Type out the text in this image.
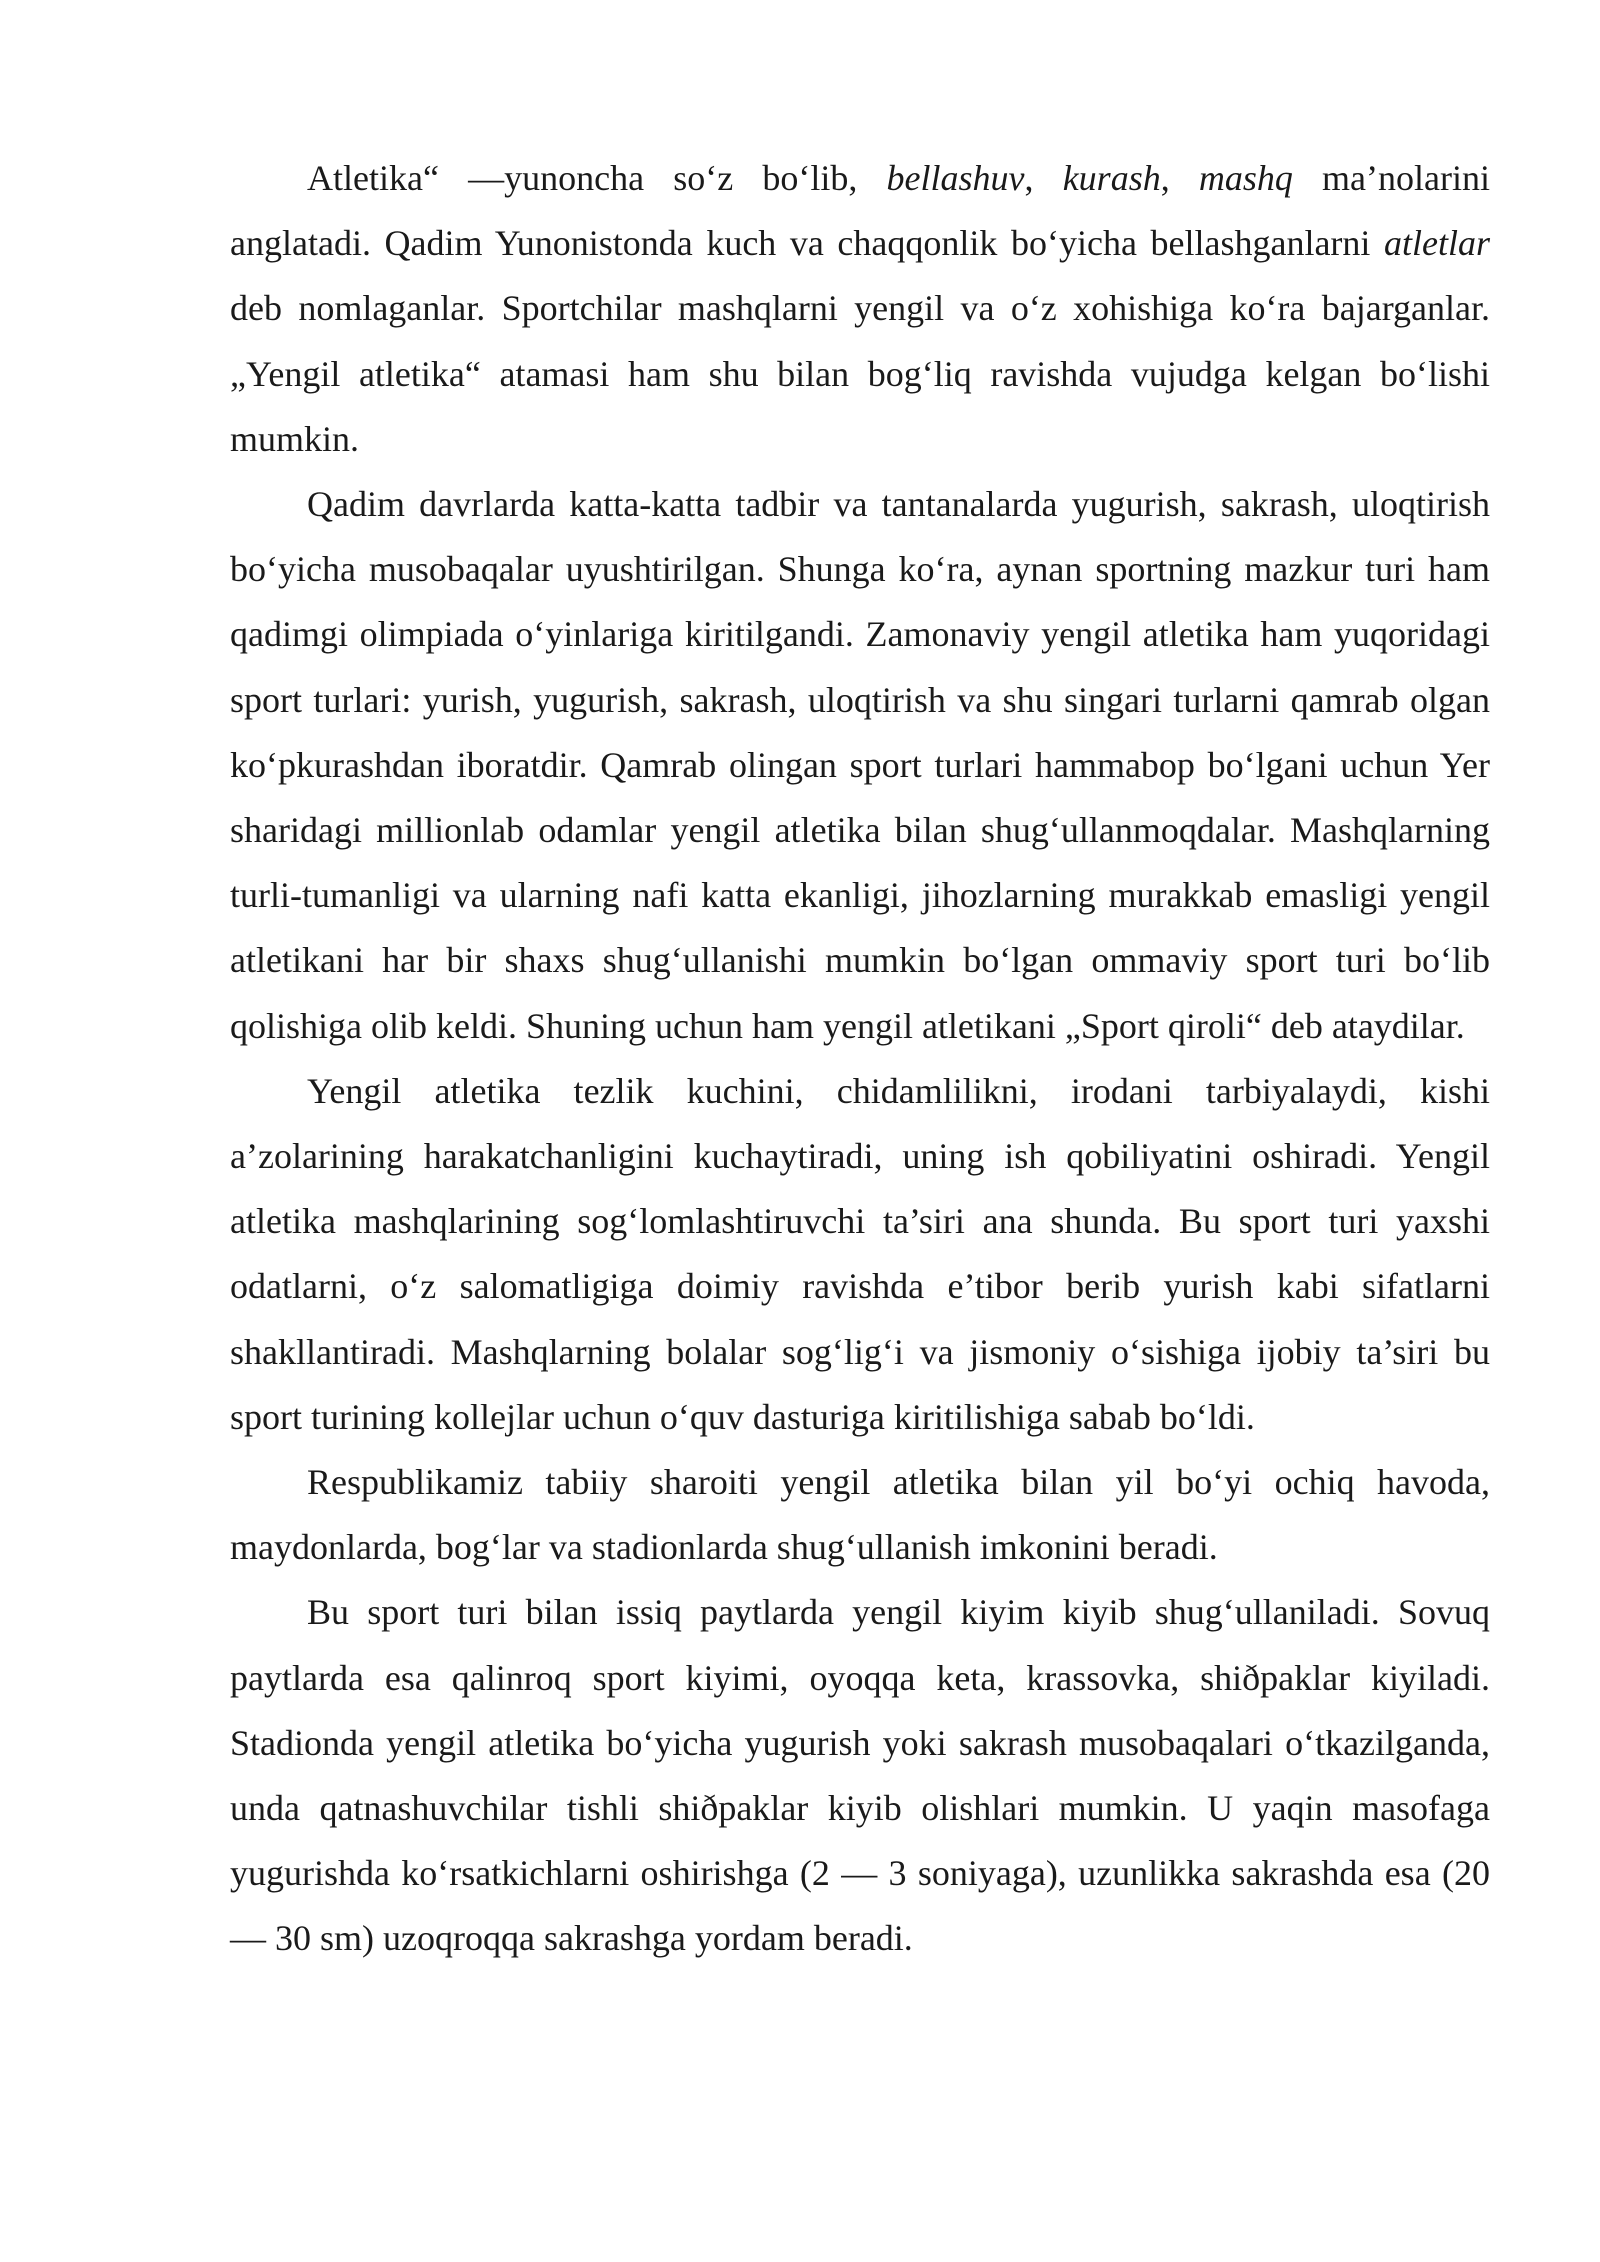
Atletika“ —yunoncha so‘z bo‘lib, bellashuv, kurash, mashq ma’nolarini anglatadi. Qadim Yunonistonda kuch va chaqqonlik bo‘yicha bellashganlarni atletlar deb nomlaganlar. Sportchilar mashqlarni yengil va o‘z xohishiga ko‘ra bajarganlar. „Yengil atletika“ atamasi ham shu bilan bog‘liq ravishda vujudga kelgan bo‘lishi mumkin.

Qadim davrlarda katta-katta tadbir va tantanalarda yugurish, sakrash, uloqtirish bo‘yicha musobaqalar uyushtirilgan. Shunga ko‘ra, aynan sportning mazkur turi ham qadimgi olimpiada o‘yinlariga kiritilgandi. Zamonaviy yengil atletika ham yuqoridagi sport turlari: yurish, yugurish, sakrash, uloqtirish va shu singari turlarni qamrab olgan ko‘pkurashdan iboratdir. Qamrab olingan sport turlari hammabop bo‘lgani uchun Yer sharidagi millionlab odamlar yengil atletika bilan shug‘ullanmoqdalar. Mashqlarning turli-tumanligi va ularning nafi katta ekanligi, jihozlarning murakkab emasligi yengil atletikani har bir shaxs shug‘ullanishi mumkin bo‘lgan ommaviy sport turi bo‘lib qolishiga olib keldi. Shuning uchun ham yengil atletikani „Sport qiroli“ deb ataydilar.

Yengil atletika tezlik kuchini, chidamlilikni, irodani tarbiyalaydi, kishi a’zolarining harakatchanligini kuchaytiradi, uning ish qobiliyatini oshiradi. Yengil atletika mashqlarining sog‘lomlashtiruvchi ta’siri ana shunda. Bu sport turi yaxshi odatlarni, o‘z salomatligiga doimiy ravishda e’tibor berib yurish kabi sifatlarni shakllantiradi. Mashqlarning bolalar sog‘lig‘i va jismoniy o‘sishiga ijobiy ta’siri bu sport turining kollejlar uchun o‘quv dasturiga kiritilishiga sabab bo‘ldi.

Respublikamiz tabiiy sharoiti yengil atletika bilan yil bo‘yi ochiq havoda, maydonlarda, bog‘lar va stadionlarda shug‘ullanish imkonini beradi.

Bu sport turi bilan issiq paytlarda yengil kiyim kiyib shug‘ullaniladi. Sovuq paytlarda esa qalinroq sport kiyimi, oyoqqa keta, krassovka, shiðpaklar kiyiladi. Stadionda yengil atletika bo‘yicha yugurish yoki sakrash musobaqalari o‘tkazilganda, unda qatnashuvchilar tishli shiðpaklar kiyib olishlari mumkin. U yaqin masofaga yugurishda ko‘rsatkichlarni oshirishga (2 — 3 soniyaga), uzunlikka sakrashda esa (20 — 30 sm) uzoqroqqa sakrashga yordam beradi.
